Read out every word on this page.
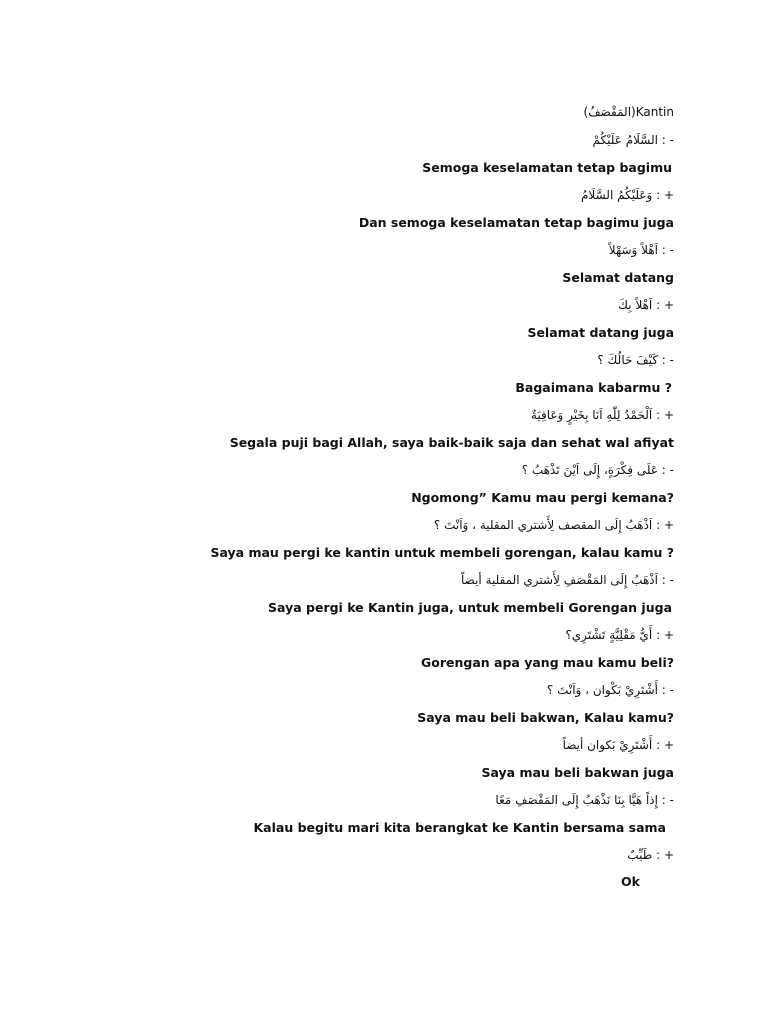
(المَقْصَفُ)Kantin
السَّلَامُ عَلَيْكُمْ : -
Semoga keselamatan tetap bagimu
وَعَلَيْكُمُ السَّلَامُ : +
Dan semoga keselamatan tetap bagimu juga
اَهْلاً وَسَهْلاً : -
Selamat datang
اَهْلاً بِكَ : +
Selamat datang juga
كَيْفَ حَالُكَ ؟ : -
Bagaimana kabarmu ?
اَلْحَمْدُ لِلّٰهِ اَنَا بِخَيْرٍ وَعَافِيَةٌ : +
Segala puji bagi Allah, saya baik-baik saja dan sehat wal afiyat
عَلَى فِكْرَةٍ، إِلَى اَيْنَ تَذْهَبُ ؟ : -
Ngomong” Kamu mau pergi kemana?
اَذْهَبُ إِلَى المقصف لِأَشتري المقلية ، وَاَنْتَ ؟ : +
Saya mau pergi ke kantin untuk membeli gorengan, kalau kamu ?
اَذْهَبُ إِلَى المَقْصَفِ لِأَشتري المقلية أيضاً : -
Saya pergi ke Kantin juga, untuk membeli Gorengan juga
أَيُّ مَقْلِيَّةٍ تَشْتَرِي؟ : +
Gorengan apa yang mau kamu beli?
أَشْتَرِيْ بَكْوان ، وَاَنْتَ ؟ : -
Saya mau beli bakwan, Kalau kamu?
أَشْتَرِيْ بَكوان أيضاً : +
Saya mau beli bakwan juga
إِذاً هَيَّا بِنَا نَذْهَبُ إِلَى المَقْصَفِ مَعًا : -
Kalau begitu mari kita berangkat ke Kantin bersama sama
طَيِّبٌ : +
Ok
